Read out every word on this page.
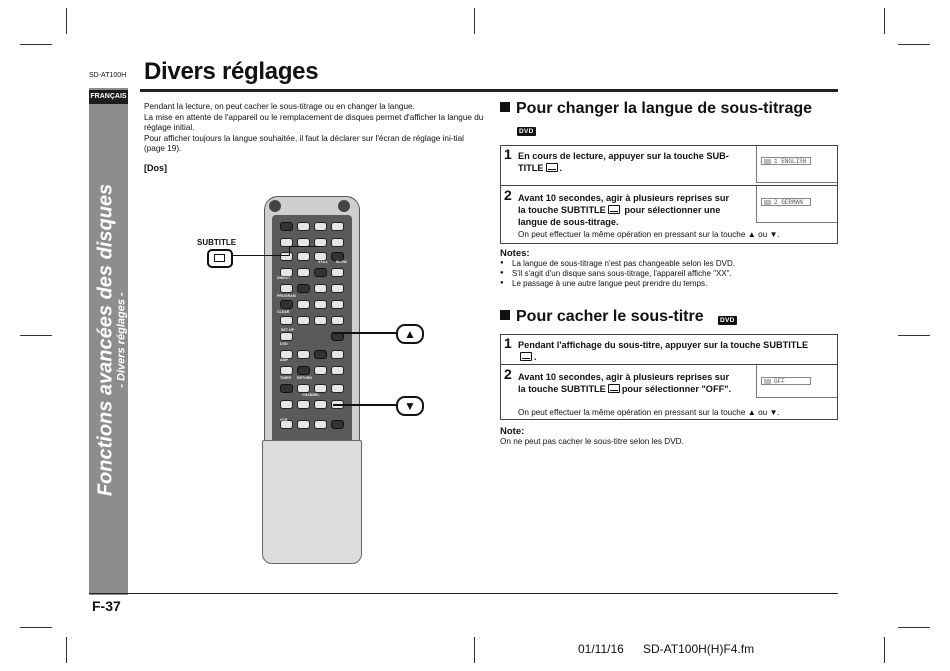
SD-AT100H Divers réglages
FRANÇAIS
Fonctions avancées des disques - Divers réglages -
Pendant la lecture, on peut cacher le sous-titrage ou en changer la langue.
La mise en attente de l'appareil ou le remplacement de disques permet d'afficher la langue du réglage initial.
Pour afficher toujours la langue souhaitée, il faut la déclarer sur l'écran de réglage ini-tial (page 19).
[Dos]
DIRECT
PROGRAM
CLEAR
SET UP
DVD
AMP
TIMER RETURN
STILL SLOW
VCR
CHANNEL
SUBTITLE
▲
▼
Pour changer la langue de sous-titrage
DVD
1 En cours de lecture, appuyer sur la touche SUB-
TITLE .
1 ENGLISH
2 Avant 10 secondes, agir à plusieurs reprises sur
la touche SUBTITLE pour sélectionner une
langue de sous-titrage.
2 GERMAN
On peut effectuer la même opération en pressant sur la touche ▲ ou ▼.
Notes:
● La langue de sous-titrage n'est pas changeable selon les DVD.
● S'il s'agit d'un disque sans sous-titrage, l'appareil affiche "XX".
● Le passage à une autre langue peut prendre du temps.
Pour cacher le sous-titre	DVD
1 Pendant l'affichage du sous-titre, appuyer sur la touche SUBTITLE
.
2 Avant 10 secondes, agir à plusieurs reprises sur
la touche SUBTITLE pour sélectionner "OFF".
OFF
On peut effectuer la même opération en pressant sur la touche ▲ ou ▼.
Note:
On ne peut pas cacher le sous-titre selon les DVD.
F-37
01/11/16 SD-AT100H(H)F4.fm
